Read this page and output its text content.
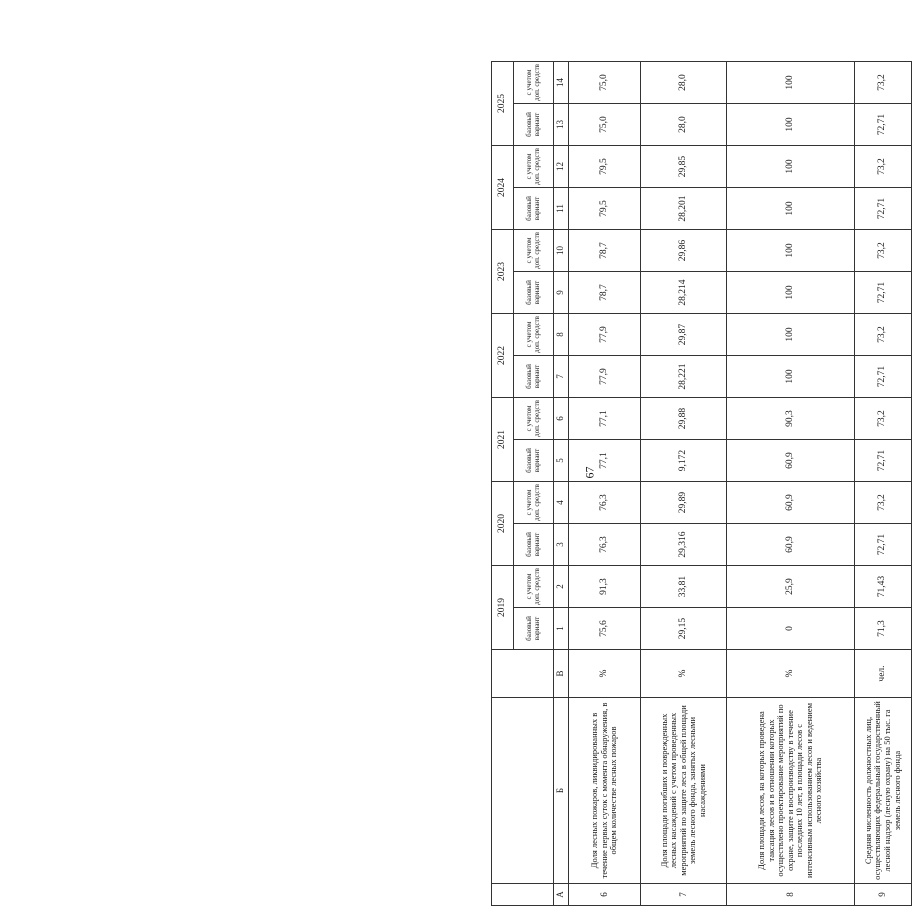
			2019		2020		2021		2022		2023		2024		2025	
			базовый вариант	с учетом доп. средств	базовый вариант	с учетом доп. средств	базовый вариант	с учетом доп. средств	базовый вариант	с учетом доп. средств	базовый вариант	с учетом доп. средств	базовый вариант	с учетом доп. средств	базовый вариант	с учетом доп. средств
А	Б	В	1	2	3	4	5	6	7	8	9	10	11	12	13	14
6	Доля лесных пожаров, ликвидированных в течение первых суток с момента обнаружения, в общем количестве лесных пожаров	%	75,6	91,3	76,3	76,3	77,1	77,1	77,9	77,9	78,7	78,7	79,5	79,5	75,0	75,0
7	Доля площади погибших и поврежденных лесных насаждений с учетом проведенных мероприятий по защите леса в общей площади земель лесного фонда, занятых лесными насаждениями	%	29,15	33,81	29,316	29,89	9,172	29,88	28,221	29,87	28,214	29,86	28,201	29,85	28,0	28,0
8	Доля площади лесов, на которых проведена таксация лесов и в отношении которых осуществлено проектирование мероприятий по охране, защите и воспроизводству в течение последних 10 лет, в площади лесов с интенсивным использованием лесов и ведением лесного хозяйства	%	0	25,9	60,9	60,9	60,9	90,3	100	100	100	100	100	100	100	100
9	Средняя численность должностных лиц, осуществляющих федеральный государственный лесной надзор (лесную охрану) на 50 тыс. га земель лесного фонда	чел.	71,3	71,43	72,71	73,2	72,71	73,2	72,71	73,2	72,71	73,2	72,71	73,2	72,71	73,2
67
